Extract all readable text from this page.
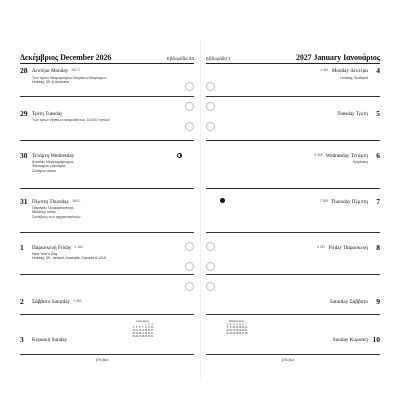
Δεκέμβριος December 2026	Εβδομάδα 53
28 Δευτέρα Monday 362 3
Των αγίων Νεομαρτύρων Ακεραιών Μαρτύρων
Holiday, UK & Australia
29 Τρίτη Tuesday
Των αγίων Νηπίων αναιρεθέντων 14.000 νηπίων
30 Τετάρτη Wednesday
Ανυσίας Μεγαλομάρτυρος
Φιλεταίρου μάρτυρος
Ζωσίμου οσίου
31 Πέμπτη Thursday 365 0
Παναγιάς Προεορταστικής
Μελάνης οσίας
Συνάξεως των αρχιεπισκόπων
1 Παρασκευή Friday 1 364
New Year's Day
Holiday, UK, Ireland, Australia, Canada & USA
2 Σάββατο Saturday 2 363
3 Κυριακή Sunday
Ιανουάριος
1 2 3
4 5 6 7 8 9 10
11 12 13 14 15 16 17
18 19 20 21 22 23 24
25 26 27 28 29 30 31
filofax
Εβδομάδα 1	2027 January Ιανουάριος
4 361 Monday Δευτέρα 4
Holiday, Scotland
Tuesday Τρίτη 5
6 359 Wednesday Τετάρτη 6
Epiphany
7 358 Thursday Πέμπτη 7
8 357 Friday Παρασκευή 8
Saturday Σάββατο 9
Sunday Κυριακή 10
Φεβρουάριος
1 2 3 4 5 6 7
8 9 10 11 12 13 14
15 16 17 18 19 20 21
22 23 24 25 26 27 28
filofax
